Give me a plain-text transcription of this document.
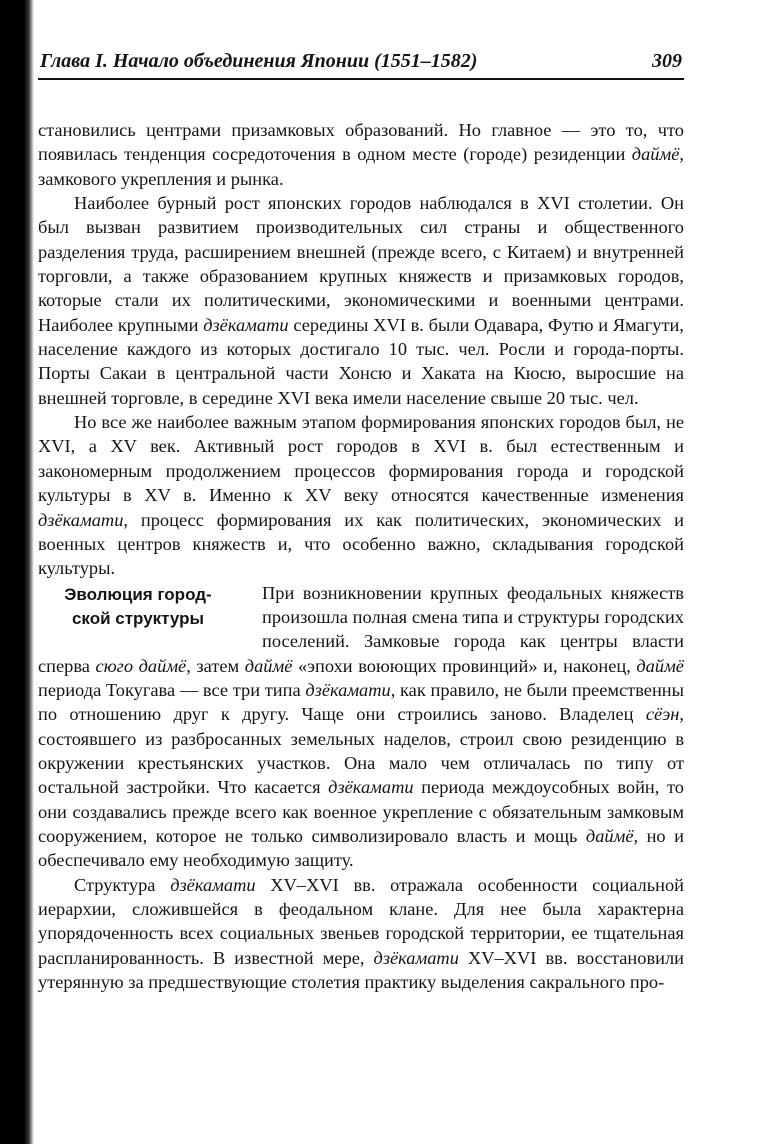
Глава I. Начало объединения Японии (1551–1582)	309

становились центрами призамковых образований. Но главное — это то, что появилась тенденция сосредоточения в одном месте (городе) резиденции даймё, замкового укрепления и рынка.

Наиболее бурный рост японских городов наблюдался в XVI столетии. Он был вызван развитием производительных сил страны и общественного разделения труда, расширением внешней (прежде всего, с Китаем) и внутренней торговли, а также образованием крупных княжеств и призамковых городов, которые стали их политическими, экономическими и военными центрами. Наиболее крупными дзёкамати середины XVI в. были Одавара, Футю и Ямагути, население каждого из которых достигало 10 тыс. чел. Росли и города-порты. Порты Сакаи в центральной части Хонсю и Хаката на Кюсю, выросшие на внешней торговле, в середине XVI века имели население свыше 20 тыс. чел.

Но все же наиболее важным этапом формирования японских городов был, не XVI, а XV век. Активный рост городов в XVI в. был естественным и закономерным продолжением процессов формирования города и городской культуры в XV в. Именно к XV веку относятся качественные изменения дзёкамати, процесс формирования их как политических, экономических и военных центров княжеств и, что особенно важно, складывания городской культуры.

Эволюция город-
ской структуры

При возникновении крупных феодальных княжеств произошла полная смена типа и структуры городских поселений. Замковые города как центры власти сперва сюго даймё, затем даймё «эпохи воюющих провинций» и, наконец, даймё периода Токугава — все три типа дзёкамати, как правило, не были преемственны по отношению друг к другу. Чаще они строились заново. Владелец сёэн, состоявшего из разбросанных земельных наделов, строил свою резиденцию в окружении крестьянских участков. Она мало чем отличалась по типу от остальной застройки. Что касается дзёкамати периода междоусобных войн, то они создавались прежде всего как военное укрепление с обязательным замковым сооружением, которое не только символизировало власть и мощь даймё, но и обеспечивало ему необходимую защиту.

Структура дзёкамати XV–XVI вв. отражала особенности социальной иерархии, сложившейся в феодальном клане. Для нее была характерна упорядоченность всех социальных звеньев городской территории, ее тщательная распланированность. В известной мере, дзёкамати XV–XVI вв. восстановили утерянную за предшествующие столетия практику выделения сакрального про-
